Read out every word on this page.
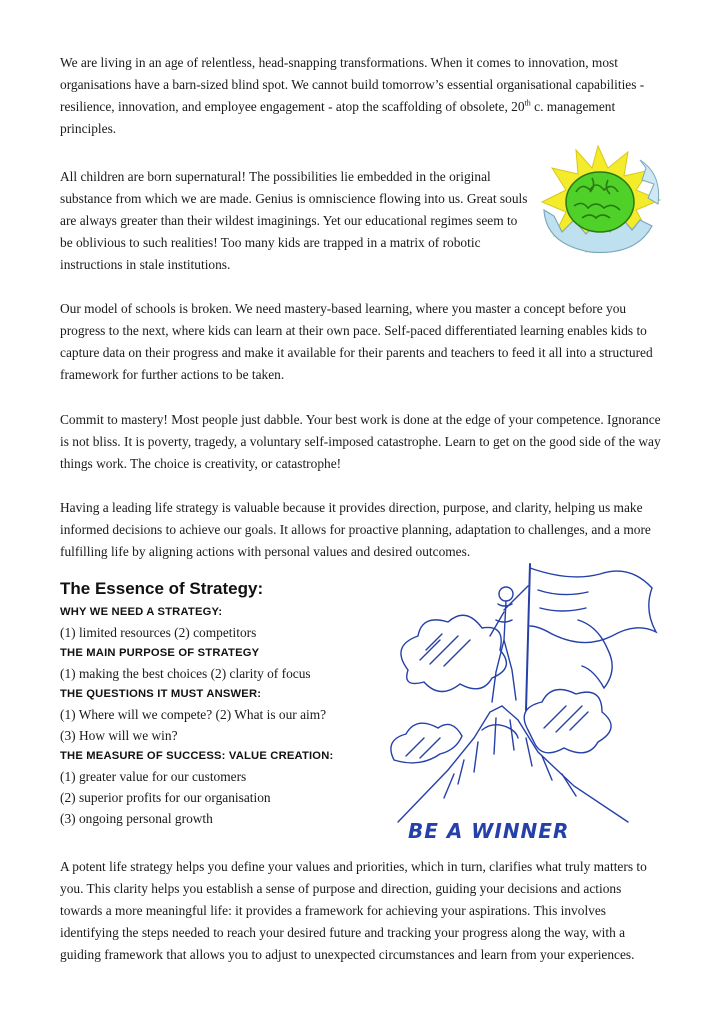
We are living in an age of relentless, head-snapping transformations. When it comes to innovation, most organisations have a barn-sized blind spot. We cannot build tomorrow’s essential organisational capabilities - resilience, innovation, and employee engagement - atop the scaffolding of obsolete, 20th c. management principles.

All children are born supernatural! The possibilities lie embedded in the original substance from which we are made. Genius is omniscience flowing into us. Great souls are always greater than their wildest imaginings. Yet our educational regimes seem to be oblivious to such realities! Too many kids are trapped in a matrix of robotic instructions in stale institutions.

Our model of schools is broken. We need mastery-based learning, where you master a concept before you progress to the next, where kids can learn at their own pace. Self-paced differentiated learning enables kids to capture data on their progress and make it available for their parents and teachers to feed it all into a structured framework for further actions to be taken.

Commit to mastery! Most people just dabble. Your best work is done at the edge of your competence. Ignorance is not bliss. It is poverty, tragedy, a voluntary self-imposed catastrophe. Learn to get on the good side of the way things work. The choice is creativity, or catastrophe!

Having a leading life strategy is valuable because it provides direction, purpose, and clarity, helping us make informed decisions to achieve our goals. It allows for proactive planning, adaptation to challenges, and a more fulfilling life by aligning actions with personal values and desired outcomes.

The Essence of Strategy:

WHY WE NEED A STRATEGY:

(1) limited resources (2) competitors

THE MAIN PURPOSE OF STRATEGY

(1) making the best choices (2) clarity of focus

THE QUESTIONS IT MUST ANSWER:

(1) Where will we compete? (2) What is our aim?

(3) How will we win?

THE MEASURE OF SUCCESS: VALUE CREATION:

(1) greater value for our customers

(2) superior profits for our organisation

(3) ongoing personal growth

BE A WINNER

A potent life strategy helps you define your values and priorities, which in turn, clarifies what truly matters to you. This clarity helps you establish a sense of purpose and direction, guiding your decisions and actions towards a more meaningful life: it provides a framework for achieving your aspirations. This involves identifying the steps needed to reach your desired future and tracking your progress along the way, with a guiding framework that allows you to adjust to unexpected circumstances and learn from your experiences.
